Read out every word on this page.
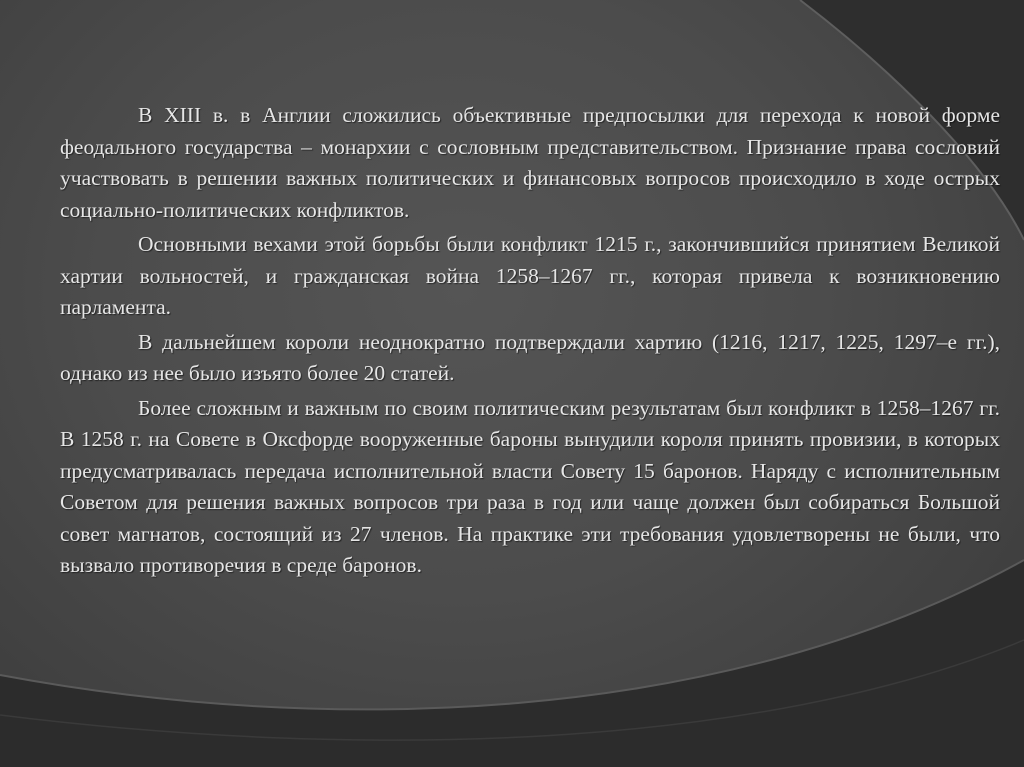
В XIII в. в Англии сложились объективные предпосылки для перехода к новой форме феодального государства – монархии с сословным представительством. Признание права сословий участвовать в решении важных политических и финансовых вопросов происходило в ходе острых социально-политических конфликтов.

Основными вехами этой борьбы были конфликт 1215 г., закончившийся принятием Великой хартии вольностей, и гражданская война 1258–1267 гг., которая привела к возникновению парламента.

В дальнейшем короли неоднократно подтверждали хартию (1216, 1217, 1225, 1297–е гг.), однако из нее было изъято более 20 статей.

Более сложным и важным по своим политическим результатам был конфликт в 1258–1267 гг. В 1258 г. на Совете в Оксфорде вооруженные бароны вынудили короля принять провизии, в которых предусматривалась передача исполнительной власти Совету 15 баронов. Наряду с исполнительным Советом для решения важных вопросов три раза в год или чаще должен был собираться Большой совет магнатов, состоящий из 27 членов. На практике эти требования удовлетворены не были, что вызвало противоречия в среде баронов.
